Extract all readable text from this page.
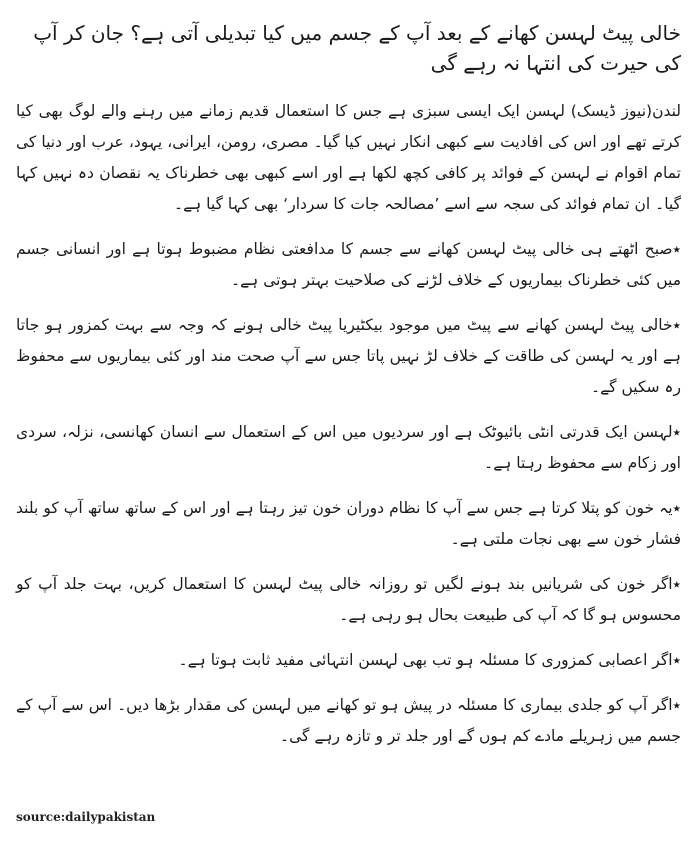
خالی پیٹ لہسن کھانے کے بعد آپ کے جسم میں کیا تبدیلی آتی ہے؟ جان کر آپ کی حیرت کی انتہا نہ رہے گی

لندن(نیوز ڈیسک) لہسن ایک ایسی سبزی ہے جس کا استعمال قدیم زمانے میں رہنے والے لوگ بھی کیا کرتے تھے اور اس کی افادیت سے کبھی انکار نہیں کیا گیا۔ مصری، رومن، ایرانی، یہود، عرب اور دنیا کی تمام اقوام نے لہسن کے فوائد پر کافی کچھ لکھا ہے اور اسے کبھی بھی خطرناک یہ نقصان دہ نہیں کہا گیا۔ ان تمام فوائد کی سجہ سے اسے ’مصالحہ جات کا سردار‘ بھی کہا گیا ہے۔

٭صبح اٹھتے ہی خالی پیٹ لہسن کھانے سے جسم کا مدافعتی نظام مضبوط ہوتا ہے اور انسانی جسم میں کئی خطرناک بیماریوں کے خلاف لڑنے کی صلاحیت بہتر ہوتی ہے۔

٭خالی پیٹ لہسن کھانے سے پیٹ میں موجود بیکٹیریا پیٹ خالی ہونے کہ وجہ سے بہت کمزور ہو جاتا ہے اور یہ لہسن کی طاقت کے خلاف لڑ نہیں پاتا جس سے آپ صحت مند اور کئی بیماریوں سے محفوظ رہ سکیں گے۔

٭لہسن ایک قدرتی انٹی بائیوٹک ہے اور سردیوں میں اس کے استعمال سے انسان کھانسی، نزلہ، سردی اور زکام سے محفوظ رہتا ہے۔

٭یہ خون کو پتلا کرتا ہے جس سے آپ کا نظام دوران خون تیز رہتا ہے اور اس کے ساتھ ساتھ آپ کو بلند فشار خون سے بھی نجات ملتی ہے۔

٭اگر خون کی شریانیں بند ہونے لگیں تو روزانہ خالی پیٹ لہسن کا استعمال کریں، بہت جلد آپ کو محسوس ہو گا کہ آپ کی طبیعت بحال ہو رہی ہے۔

٭اگر اعصابی کمزوری کا مسئلہ ہو تب بھی لہسن انتہائی مفید ثابت ہوتا ہے۔

٭اگر آپ کو جلدی بیماری کا مسئلہ در پیش ہو تو کھانے میں لہسن کی مقدار بڑھا دیں۔ اس سے آپ کے جسم میں زہریلے مادے کم ہوں گے اور جلد تر و تازہ رہے گی۔

source:dailypakistan
